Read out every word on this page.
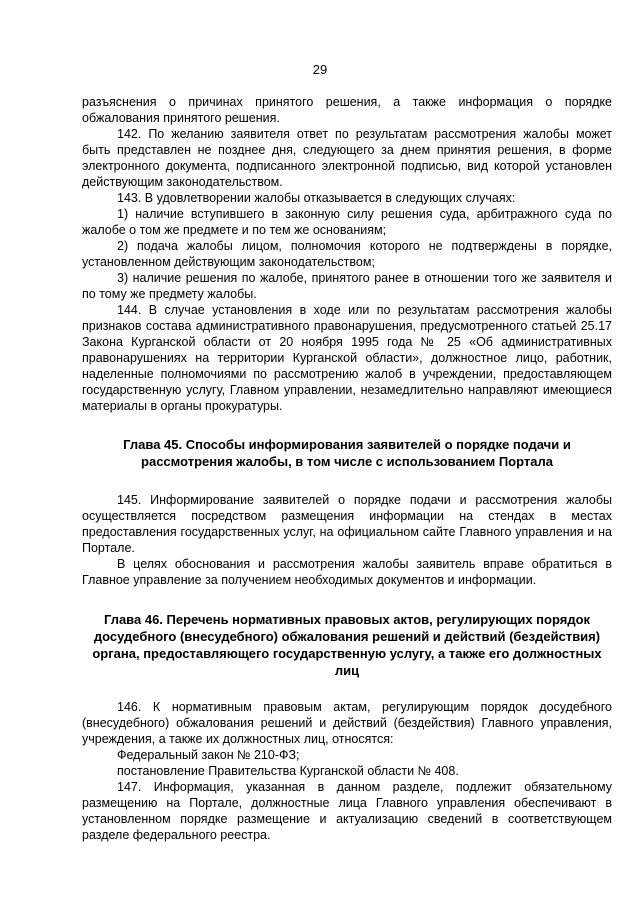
29

разъяснения о причинах принятого решения, а также информация о порядке обжалования принятого решения.

142. По желанию заявителя ответ по результатам рассмотрения жалобы может быть представлен не позднее дня, следующего за днем принятия решения, в форме электронного документа, подписанного электронной подписью, вид которой установлен действующим законодательством.

143. В удовлетворении жалобы отказывается в следующих случаях:

1) наличие вступившего в законную силу решения суда, арбитражного суда по жалобе о том же предмете и по тем же основаниям;

2) подача жалобы лицом, полномочия которого не подтверждены в порядке, установленном действующим законодательством;

3) наличие решения по жалобе, принятого ранее в отношении того же заявителя и по тому же предмету жалобы.

144. В случае установления в ходе или по результатам рассмотрения жалобы признаков состава административного правонарушения, предусмотренного статьей 25.17 Закона Курганской области от 20 ноября 1995 года № 25 «Об административных правонарушениях на территории Курганской области», должностное лицо, работник, наделенные полномочиями по рассмотрению жалоб в учреждении, предоставляющем государственную услугу, Главном управлении, незамедлительно направляют имеющиеся материалы в органы прокуратуры.

Глава 45. Способы информирования заявителей о порядке подачи и
рассмотрения жалобы, в том числе с использованием Портала

145. Информирование заявителей о порядке подачи и рассмотрения жалобы осуществляется посредством размещения информации на стендах в местах предоставления государственных услуг, на официальном сайте Главного управления и на Портале.

В целях обоснования и рассмотрения жалобы заявитель вправе обратиться в Главное управление за получением необходимых документов и информации.

Глава 46. Перечень нормативных правовых актов, регулирующих порядок
досудебного (внесудебного) обжалования решений и действий (бездействия)
органа, предоставляющего государственную услугу, а также его должностных лиц

146. К нормативным правовым актам, регулирующим порядок досудебного (внесудебного) обжалования решений и действий (бездействия) Главного управления, учреждения, а также их должностных лиц, относятся:

Федеральный закон № 210-ФЗ;

постановление Правительства Курганской области № 408.

147. Информация, указанная в данном разделе, подлежит обязательному размещению на Портале, должностные лица Главного управления обеспечивают в установленном порядке размещение и актуализацию сведений в соответствующем разделе федерального реестра.
